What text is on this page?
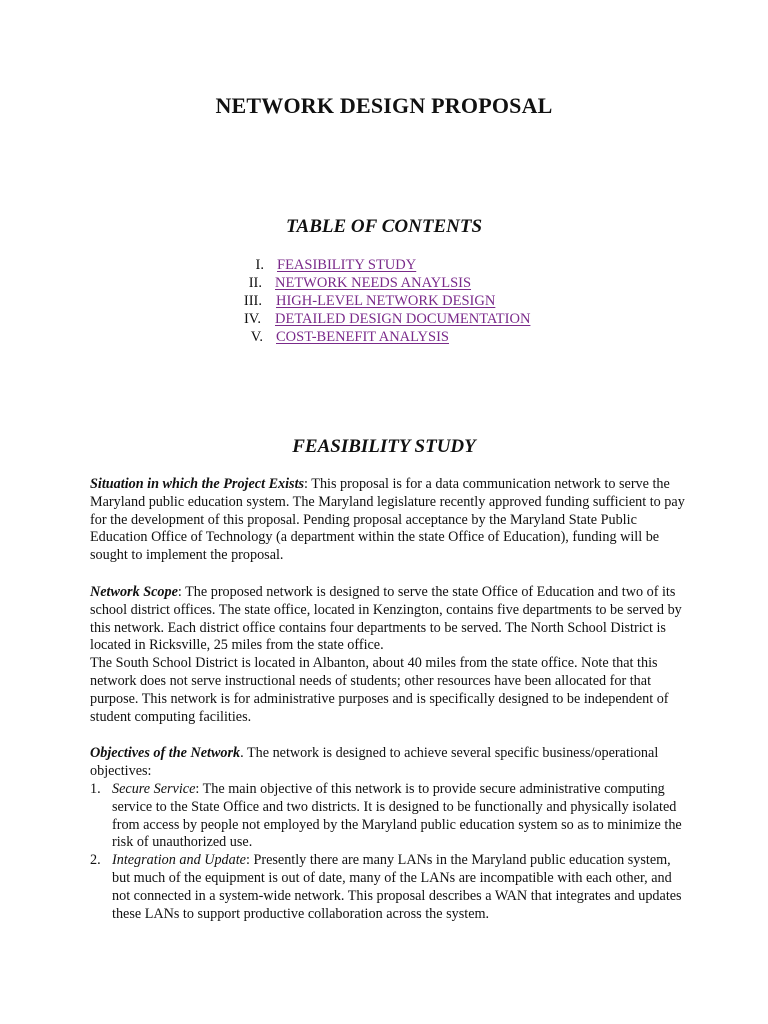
NETWORK DESIGN PROPOSAL
TABLE OF CONTENTS
I. FEASIBILITY STUDY
II. NETWORK NEEDS ANAYLSIS
III. HIGH-LEVEL NETWORK DESIGN
IV. DETAILED DESIGN DOCUMENTATION
V. COST-BENEFIT ANALYSIS
FEASIBILITY STUDY

Situation in which the Project Exists: This proposal is for a data communication network to serve the Maryland public education system. The Maryland legislature recently approved funding sufficient to pay for the development of this proposal. Pending proposal acceptance by the Maryland State Public Education Office of Technology (a department within the state Office of Education), funding will be sought to implement the proposal.

Network Scope: The proposed network is designed to serve the state Office of Education and two of its school district offices. The state office, located in Kenzington, contains five departments to be served by this network. Each district office contains four departments to be served. The North School District is located in Ricksville, 25 miles from the state office.
The South School District is located in Albanton, about 40 miles from the state office. Note that this network does not serve instructional needs of students; other resources have been allocated for that purpose. This network is for administrative purposes and is specifically designed to be independent of student computing facilities.

Objectives of the Network. The network is designed to achieve several specific business/operational objectives:

1. Secure Service: The main objective of this network is to provide secure administrative computing service to the State Office and two districts. It is designed to be functionally and physically isolated from access by people not employed by the Maryland public education system so as to minimize the risk of unauthorized use.
2. Integration and Update: Presently there are many LANs in the Maryland public education system, but much of the equipment is out of date, many of the LANs are incompatible with each other, and not connected in a system-wide network. This proposal describes a WAN that integrates and updates these LANs to support productive collaboration across the system.
